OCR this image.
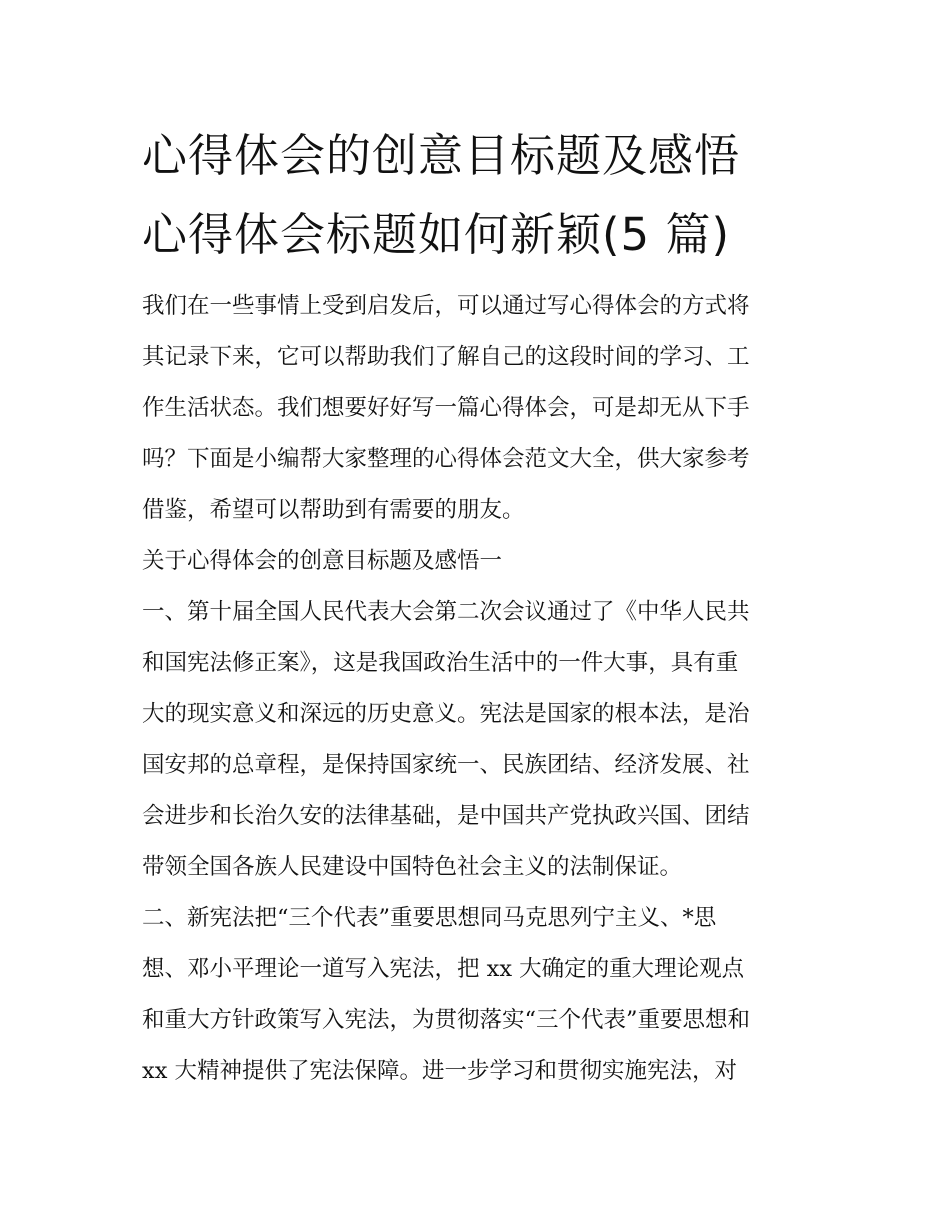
心得体会的创意目标题及感悟
心得体会标题如何新颖(5 篇)
我们在一些事情上受到启发后，可以通过写心得体会的方式将
其记录下来，它可以帮助我们了解自己的这段时间的学习、工
作生活状态。我们想要好好写一篇心得体会，可是却无从下手
吗？下面是小编帮大家整理的心得体会范文大全，供大家参考
借鉴，希望可以帮助到有需要的朋友。
关于心得体会的创意目标题及感悟一
一、第十届全国人民代表大会第二次会议通过了《中华人民共
和国宪法修正案》，这是我国政治生活中的一件大事，具有重
大的现实意义和深远的历史意义。宪法是国家的根本法，是治
国安邦的总章程，是保持国家统一、民族团结、经济发展、社
会进步和长治久安的法律基础，是中国共产党执政兴国、团结
带领全国各族人民建设中国特色社会主义的法制保证。
二、新宪法把“三个代表”重要思想同马克思列宁主义、*思
想、邓小平理论一道写入宪法，把 xx 大确定的重大理论观点
和重大方针政策写入宪法，为贯彻落实“三个代表”重要思想和
xx 大精神提供了宪法保障。进一步学习和贯彻实施宪法，对
